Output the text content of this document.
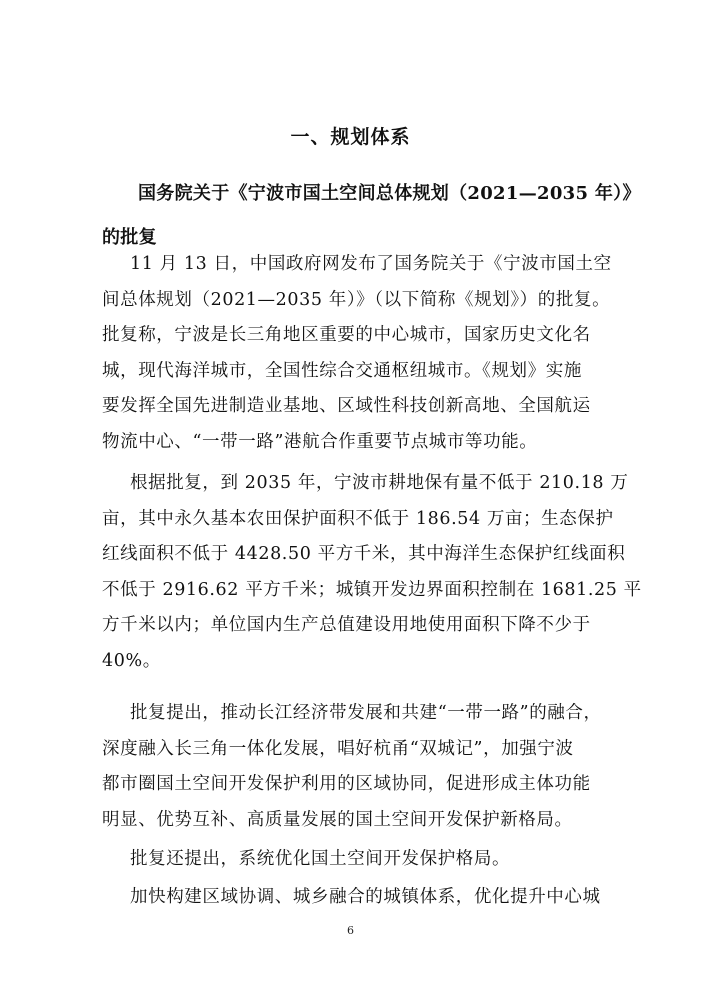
一、规划体系
国务院关于《宁波市国土空间总体规划（2021—2035 年）》
的批复
11 月 13 日，中国政府网发布了国务院关于《宁波市国土空
间总体规划（2021—2035 年）》（以下简称《规划》）的批复。
批复称，宁波是长三角地区重要的中心城市，国家历史文化名
城，现代海洋城市，全国性综合交通枢纽城市。《规划》实施
要发挥全国先进制造业基地、区域性科技创新高地、全国航运
物流中心、“一带一路”港航合作重要节点城市等功能。
根据批复，到 2035 年，宁波市耕地保有量不低于 210.18 万
亩，其中永久基本农田保护面积不低于 186.54 万亩；生态保护
红线面积不低于 4428.50 平方千米，其中海洋生态保护红线面积
不低于 2916.62 平方千米；城镇开发边界面积控制在 1681.25 平
方千米以内；单位国内生产总值建设用地使用面积下降不少于
40%。
批复提出，推动长江经济带发展和共建“一带一路”的融合，
深度融入长三角一体化发展，唱好杭甬“双城记”，加强宁波
都市圈国土空间开发保护利用的区域协同，促进形成主体功能
明显、优势互补、高质量发展的国土空间开发保护新格局。
批复还提出，系统优化国土空间开发保护格局。
加快构建区域协调、城乡融合的城镇体系，优化提升中心城
6
